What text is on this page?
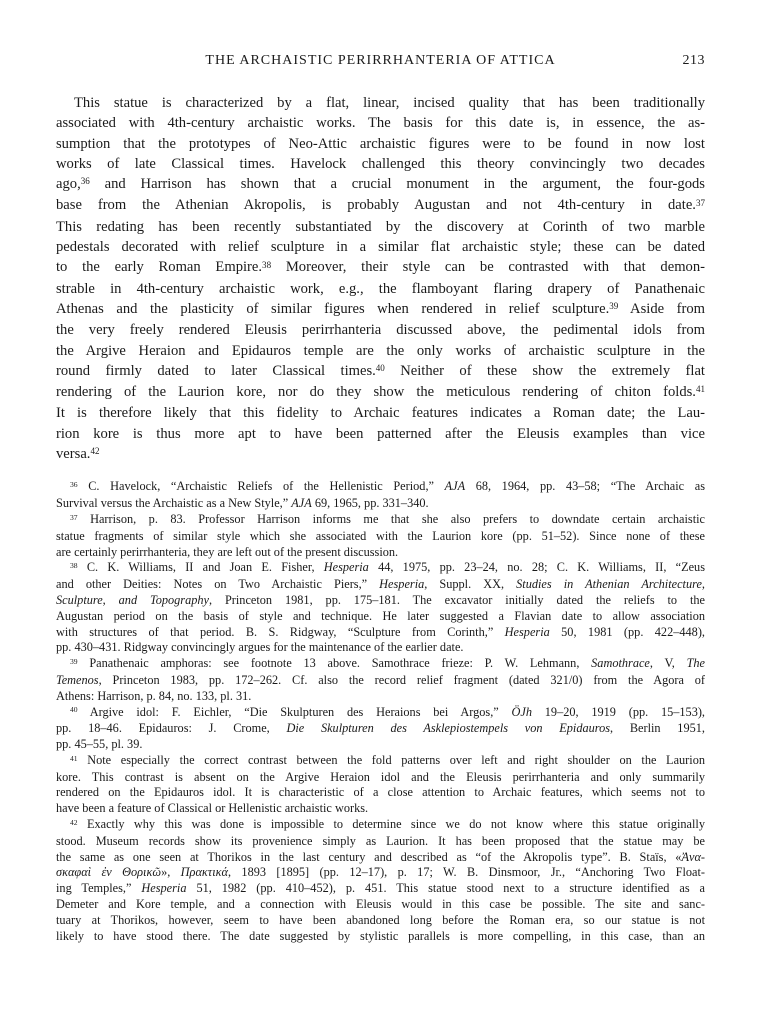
THE ARCHAISTIC PERIRRHANTERIA OF ATTICA	213
This statue is characterized by a flat, linear, incised quality that has been traditionally
associated with 4th-century archaistic works. The basis for this date is, in essence, the as-
sumption that the prototypes of Neo-Attic archaistic figures were to be found in now lost
works of late Classical times. Havelock challenged this theory convincingly two decades
ago,$^{36}$ and Harrison has shown that a crucial monument in the argument, the four-gods
base from the Athenian Akropolis, is probably Augustan and not 4th-century in date.$^{37}$
This redating has been recently substantiated by the discovery at Corinth of two marble
pedestals decorated with relief sculpture in a similar flat archaistic style; these can be dated
to the early Roman Empire.$^{38}$ Moreover, their style can be contrasted with that demon-
strable in 4th-century archaistic work, e.g., the flamboyant flaring drapery of Panathenaic
Athenas and the plasticity of similar figures when rendered in relief sculpture.$^{39}$ Aside from
the very freely rendered Eleusis perirrhanteria discussed above, the pedimental idols from
the Argive Heraion and Epidauros temple are the only works of archaistic sculpture in the
round firmly dated to later Classical times.$^{40}$ Neither of these show the extremely flat
rendering of the Laurion kore, nor do they show the meticulous rendering of chiton folds.$^{41}$
It is therefore likely that this fidelity to Archaic features indicates a Roman date; the Lau-
rion kore is thus more apt to have been patterned after the Eleusis examples than vice
versa.$^{42}$
$^{36}$ C. Havelock, “Archaistic Reliefs of the Hellenistic Period,” AJA 68, 1964, pp. 43–58; “The Archaic as
Survival versus the Archaistic as a New Style,” AJA 69, 1965, pp. 331–340.
$^{37}$ Harrison, p. 83. Professor Harrison informs me that she also prefers to downdate certain archaistic
statue fragments of similar style which she associated with the Laurion kore (pp. 51–52). Since none of these
are certainly perirrhanteria, they are left out of the present discussion.
$^{38}$ C. K. Williams, II and Joan E. Fisher, Hesperia 44, 1975, pp. 23–24, no. 28; C. K. Williams, II, “Zeus
and other Deities: Notes on Two Archaistic Piers,” Hesperia, Suppl. XX, Studies in Athenian Architecture,
Sculpture, and Topography, Princeton 1981, pp. 175–181. The excavator initially dated the reliefs to the
Augustan period on the basis of style and technique. He later suggested a Flavian date to allow association
with structures of that period. B. S. Ridgway, “Sculpture from Corinth,” Hesperia 50, 1981 (pp. 422–448),
pp. 430–431. Ridgway convincingly argues for the maintenance of the earlier date.
$^{39}$ Panathenaic amphoras: see footnote 13 above. Samothrace frieze: P. W. Lehmann, Samothrace, V, The
Temenos, Princeton 1983, pp. 172–262. Cf. also the record relief fragment (dated 321/0) from the Agora of
Athens: Harrison, p. 84, no. 133, pl. 31.
$^{40}$ Argive idol: F. Eichler, “Die Skulpturen des Heraions bei Argos,” ÖJh 19–20, 1919 (pp. 15–153),
pp. 18–46. Epidauros: J. Crome, Die Skulpturen des Asklepiostempels von Epidauros, Berlin 1951,
pp. 45–55, pl. 39.
$^{41}$ Note especially the correct contrast between the fold patterns over left and right shoulder on the Laurion
kore. This contrast is absent on the Argive Heraion idol and the Eleusis perirrhanteria and only summarily
rendered on the Epidauros idol. It is characteristic of a close attention to Archaic features, which seems not to
have been a feature of Classical or Hellenistic archaistic works.
$^{42}$ Exactly why this was done is impossible to determine since we do not know where this statue originally
stood. Museum records show its provenience simply as Laurion. It has been proposed that the statue may be
the same as one seen at Thorikos in the last century and described as “of the Akropolis type”. B. Staïs, «Ἀνα-
σκαφαὶ ἐν Θορικῶ», Πρακτικά, 1893 [1895] (pp. 12–17), p. 17; W. B. Dinsmoor, Jr., “Anchoring Two Float-
ing Temples,” Hesperia 51, 1982 (pp. 410–452), p. 451. This statue stood next to a structure identified as a
Demeter and Kore temple, and a connection with Eleusis would in this case be possible. The site and sanc-
tuary at Thorikos, however, seem to have been abandoned long before the Roman era, so our statue is not
likely to have stood there. The date suggested by stylistic parallels is more compelling, in this case, than an
